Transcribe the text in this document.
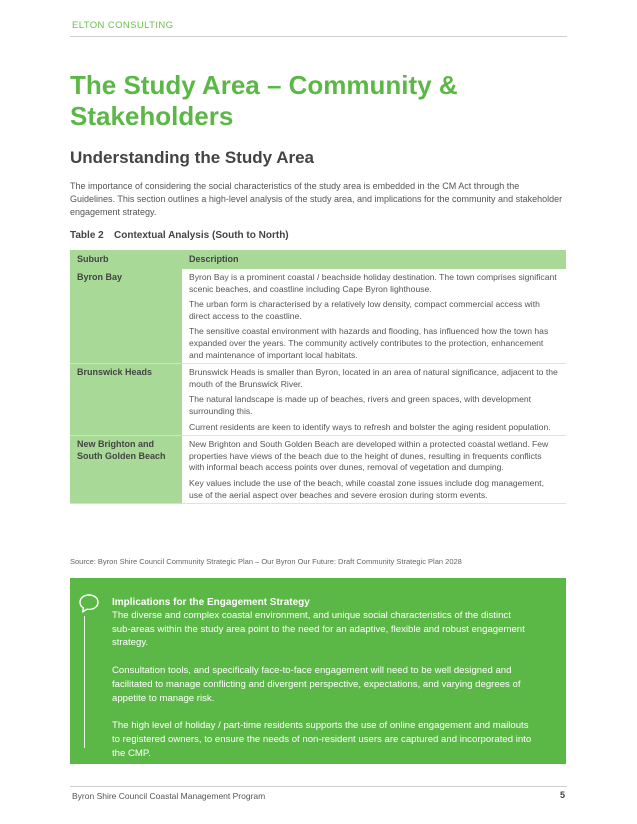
ELTON CONSULTING
The Study Area – Community & Stakeholders
Understanding the Study Area

The importance of considering the social characteristics of the study area is embedded in the CM Act through the Guidelines. This section outlines a high-level analysis of the study area, and implications for the community and stakeholder engagement strategy.

Table 2 Contextual Analysis (South to North)
Suburb	Description
Byron Bay	Byron Bay is a prominent coastal / beachside holiday destination. The town comprises significant scenic beaches, and coastline including Cape Byron lighthouse.

The urban form is characterised by a relatively low density, compact commercial access with direct access to the coastline.

The sensitive coastal environment with hazards and flooding, has influenced how the town has expanded over the years. The community actively contributes to the protection, enhancement and maintenance of important local habitats.

Brunswick Heads	Brunswick Heads is smaller than Byron, located in an area of natural significance, adjacent to the mouth of the Brunswick River.

The natural landscape is made up of beaches, rivers and green spaces, with development surrounding this.

Current residents are keen to identify ways to refresh and bolster the aging resident population.

New Brighton and South Golden Beach	New Brighton and South Golden Beach are developed within a protected coastal wetland. Few properties have views of the beach due to the height of dunes, resulting in frequents conflicts with informal beach access points over dunes, removal of vegetation and dumping.

Key values include the use of the beach, while coastal zone issues include dog management, use of the aerial aspect over beaches and severe erosion during storm events.

Source: Byron Shire Council Community Strategic Plan – Our Byron Our Future: Draft Community Strategic Plan 2028
Implications for the Engagement Strategy

The diverse and complex coastal environment, and unique social characteristics of the distinct sub-areas within the study area point to the need for an adaptive, flexible and robust engagement strategy.

Consultation tools, and specifically face-to-face engagement will need to be well designed and facilitated to manage conflicting and divergent perspective, expectations, and varying degrees of appetite to manage risk.

The high level of holiday / part-time residents supports the use of online engagement and mailouts to registered owners, to ensure the needs of non-resident users are captured and incorporated into the CMP.

Byron Shire Council Coastal Management Program	5
